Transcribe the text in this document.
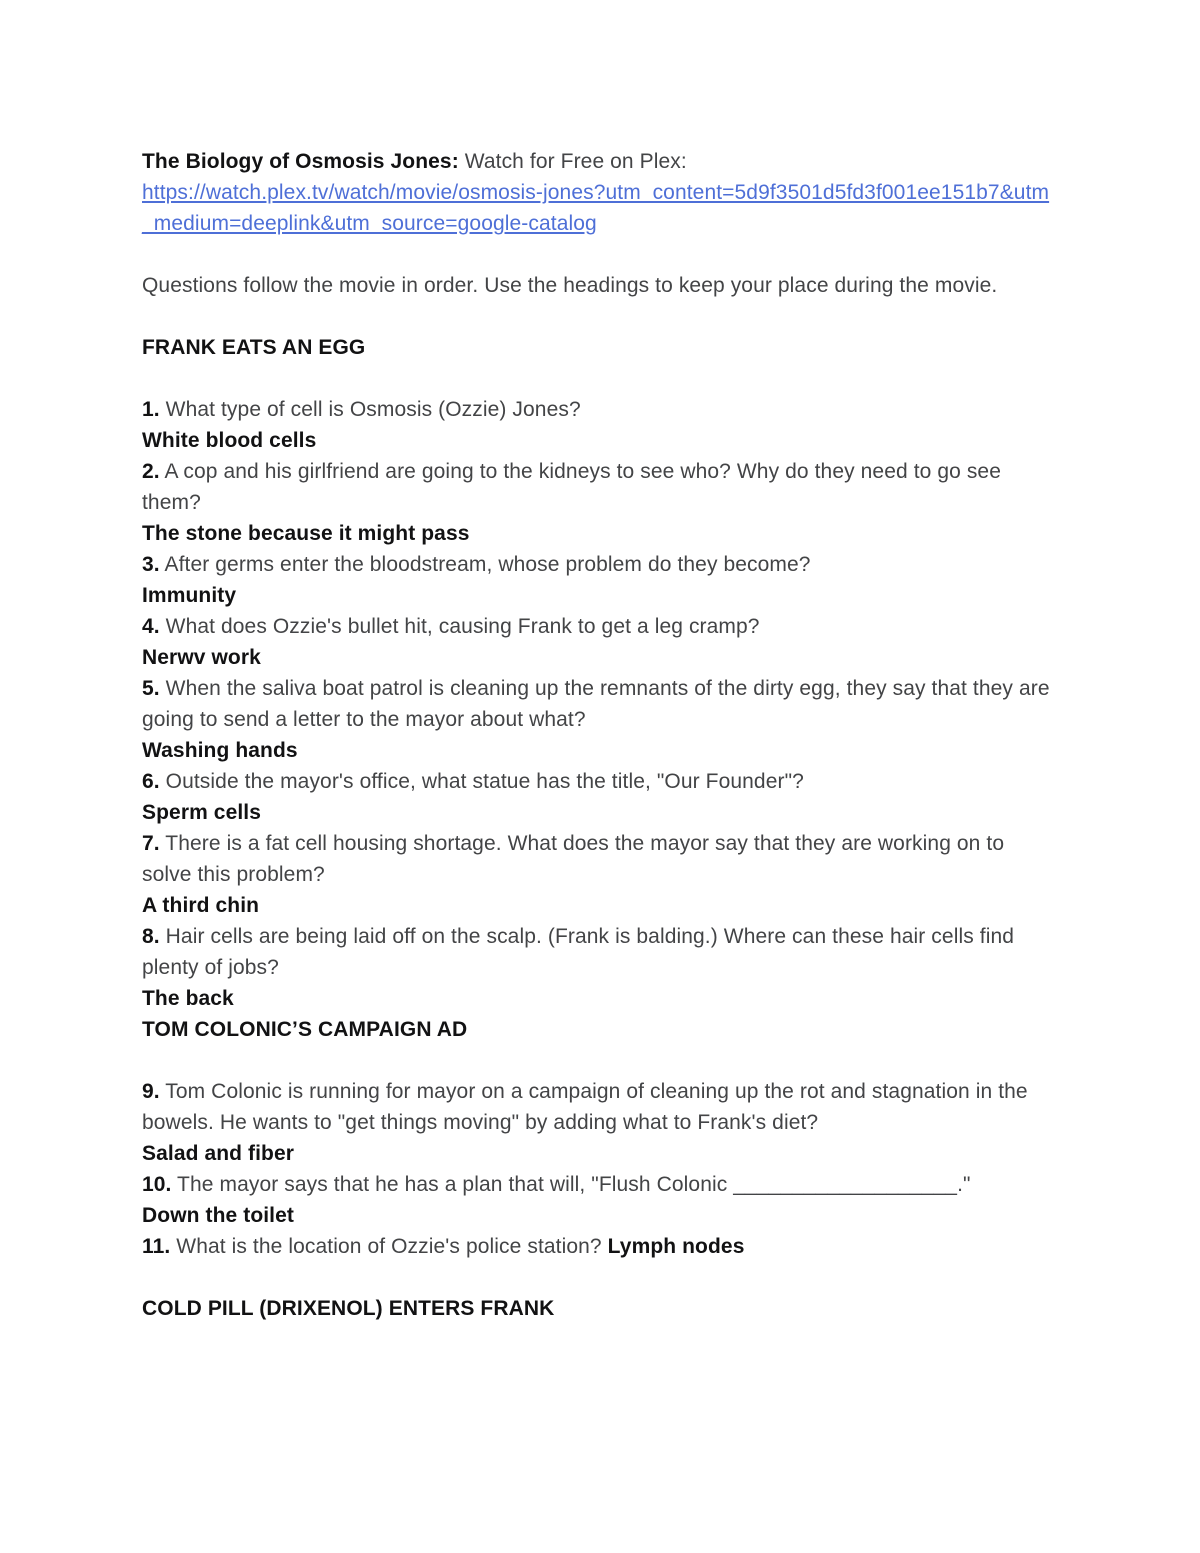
The Biology of Osmosis Jones: Watch for Free on Plex:
https://watch.plex.tv/watch/movie/osmosis-jones?utm_content=5d9f3501d5fd3f001ee151b7&utm_medium=deeplink&utm_source=google-catalog
Questions follow the movie in order. Use the headings to keep your place during the movie.
FRANK EATS AN EGG
1. What type of cell is Osmosis (Ozzie) Jones?
White blood cells
2. A cop and his girlfriend are going to the kidneys to see who? Why do they need to go see them?
The stone because it might pass
3. After germs enter the bloodstream, whose problem do they become?
Immunity
4. What does Ozzie's bullet hit, causing Frank to get a leg cramp?
Nerwv work
5. When the saliva boat patrol is cleaning up the remnants of the dirty egg, they say that they are going to send a letter to the mayor about what?
Washing hands
6. Outside the mayor's office, what statue has the title, "Our Founder"?
Sperm cells
7. There is a fat cell housing shortage. What does the mayor say that they are working on to solve this problem?
A third chin
8. Hair cells are being laid off on the scalp. (Frank is balding.) Where can these hair cells find plenty of jobs?
The back
TOM COLONIC’S CAMPAIGN AD
9. Tom Colonic is running for mayor on a campaign of cleaning up the rot and stagnation in the bowels. He wants to "get things moving" by adding what to Frank's diet?
Salad and fiber
10. The mayor says that he has a plan that will, "Flush Colonic ___________________."
Down the toilet
11. What is the location of Ozzie's police station? Lymph nodes
COLD PILL (DRIXENOL) ENTERS FRANK
